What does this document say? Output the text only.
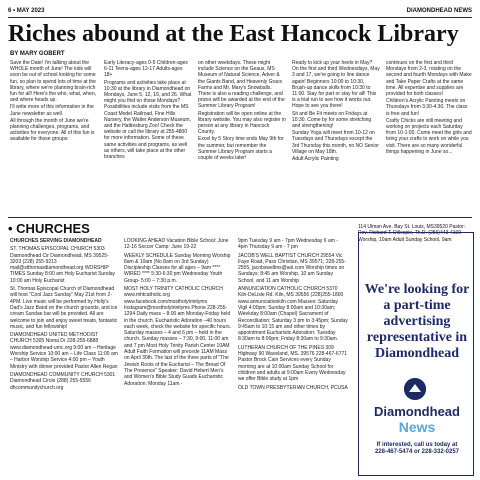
6 • MAY 2023	DIAMONDHEAD NEWS
Riches abound at the East Hancock Library
BY MARY GOBERT

Save the Date! I'm talking about the WHOLE month of June! The kids will soon be out of school looking for some fun, so plan to spend lots of time at the library, where we're planning brain-rich fun for all! Here's the who, what, when, and where heads up.

I'll write more of this information in the June newsletter as well.

All through the month of June we're planning challenges, programs, and activities for everyone. All of this fun is available for those groups:

Early Literacy-ages 0-5 Children-ages 6-11 Teens-ages 12-17 Adults-ages 18+

Programs and activities take place at 10:30 at the library in Diamondhead on Mondays, June 5, 12, 19, and 26. What might you find on those Mondays? Possibilities include visits from the MS Coast Model Railroad, Fine Hills Nursery, the Walter Anderson Museum, and the Hattiesburg Zoo! Check the website or call the library at 255-4800 for more information. Some of these same activities and programs, as well as others, will take place at the other branches

on other weekdays. These might include Science on the Geaux, MS Museum of Natural Science, Adver & the Giants Band, and Heavenly Grace Farms and Mr. Mary's Snowballs. There is also a reading challenge, and prizes will be awarded at the end of the Summer Library Program!

Registration will be open online at the library website. You may also register in person at any library in Hancock County.

Excel by 5 Story time ends May 9th for the summer, but remember the Summer Library Program starts a couple of weeks later!

Ready to kick up your heels in May? On the first and third Wednesdays, May 3 and 17, we're going to line dance again! Beginners 10:00 to 10:30, Brush-up dance skills from 10:30 to 11:00. Stay for part or stay for all! This is a trial run to see how it works out. Hope to see you there!

Sit and Be Fit meets on Fridays at 10:30. Come by for some stretching and strengthening!

Sunday Yoga will meet from 10-12 on Tuesdays and Thursdays except the 3rd Thursday this month, no NO Senior Village on May 18th.

Adult Acrylic Painting

continues on the first and third Mondays from 2-3, rotating on the second and fourth Mondays with Make and Take Paper Crafts at the same time. All expertise and supplies are provided for both classes!

Children's Acrylic Painting meets on Thursdays from 3:30-4:30. The class is free and fun!

Crafty Chicks are still meeting and working on projects each Saturday from 10-1:00. Come meet the girls and bring your crafts to work on while you visit. There are so many wonderful things happening in June so...

• CHURCHES

CHURCHES SERVING DIAMONDHEAD

ST. THOMAS EPISCOPAL CHURCH 5303 Diamondhead Cir Diamondhead, MS 39525-3203 (228) 255-9213 mail@stthomasdiamondhead.org WORSHIP TIMES Sunday 8:00 am Holy Eucharist Sunday 10:00 am Holy Eucharist

St. Thomas Episcopal Church of Diamondhead will host "Cool Jazz Sunday" May 21st from 2-4PM. Live music will be performed by Holly's Dad's Jazz Band on the church grounds, and ice cream Sundae bar will be provided. All are welcome to join and enjoy sweet treats, fantastic music, and fun fellowship!

DIAMONDHEAD UNITED METHODIST CHURCH 5305 Noma Dr 228-255-6888 www.diamondhead-umc.org 9:00 am – Heritage Worship Service 10:00 am – Life Class 11:00 am – Harbor Worship Service 4:00 pm – Youth Ministry with dinner provided Pastor Allen Regan

DIAMONDHEAD COMMUNITY CHURCH 5301 Diamondhead Circle (288) 255-5556 dhcommunitychurch.org

LOOKING AHEAD Vacation Bible School: June 12-16 Soccer Camp: June 19-22

WEEKLY SCHEDULE Sunday Morning Worship 8am & 10am (No 8am on 3rd Sunday) Discipleship Classes for all ages – 9am **** WIRED **** 5:30-6:30 pm Wednesday Youth Group- 5:00 – 7:30 p.m.

MOST HOLY TRINITY CATHOLIC CHURCH www.mhtcatholic.org www.facebook.com/mostholytrinityms Instagram@mostholytrinityms Phone 228-255-1294 Daily mass – 8:00 am Monday-Friday held in the church. Eucharistic Adoration –40 hours each week, check the website for specific hours. Saturday masses – 4 and 6 pm – held in the church. Sunday masses – 7:30, 9:00, 11:00 am and 7 pm Most Holy Trinity Parish Center 10AM Adult Faith Formation will precede 11AM Mass on April 30th. The last of the three parts of "The Jewish Roots of the Eucharist – The Bread Of The Presence" Speaker: David Hebert Men's and Women's Bible Study Guads Eucharistic Adoration: Monday 11am -

9pm Tuesday 9 am - 7pm Wednesday 6 am - 4pm Thursday 9 am - 7 pm

JACOB'S WELL BAPTIST CHURCH 29554 Vic Faye Road, Pass Christian, MS 39571; 228-255-2555, jacobswellms@aol.com Worship times on Sundays: 8:45 am Worship, 10 am Sunday School, and 11 am Worship

ANNUNCIATION CATHOLIC CHURCH 5370 Kiln-DeLisle Rd. Kiln, MS 39556 (228)255-1800 www.annunciationkiln.com Masses: Saturday Vigil 4:00pm; Sunday 8:00am and 10:30am; Weekday 8:00am (Chapel) Sacrament of Reconciliation: Saturday 3 pm to 3:45pm; Sunday 9:45am to 10:15 am and other times by appointment Eucharistic Adoration: Tuesday 8:30am to 8:00pm; Friday 8:30am to 9:30am.

LUTHERAN CHURCH OF THE PINES 309 Highway 90 Waveland, MS. 39576 228-467-6771 Pastor Brock Cain Services every Sunday morning are at 10:00am Sunday School for children and adults at 9:00am Every Wednesday we offer Bible study at 1pm

OLD TOWN PRESBYTERIAN CHURCH, PCUSA

114 Ulman Ave. Bay St. Louis, MS39520 Pastor: Rev. Richard T. Dillespie, Th.D. (256)443-4100 Worship, 10am Adult Sunday School, 9am
We're looking for a part-time advertising representative in Diamondhead
Diamondhead
News
If interested, call us today at
228-467-5474 or 228-332-0257
